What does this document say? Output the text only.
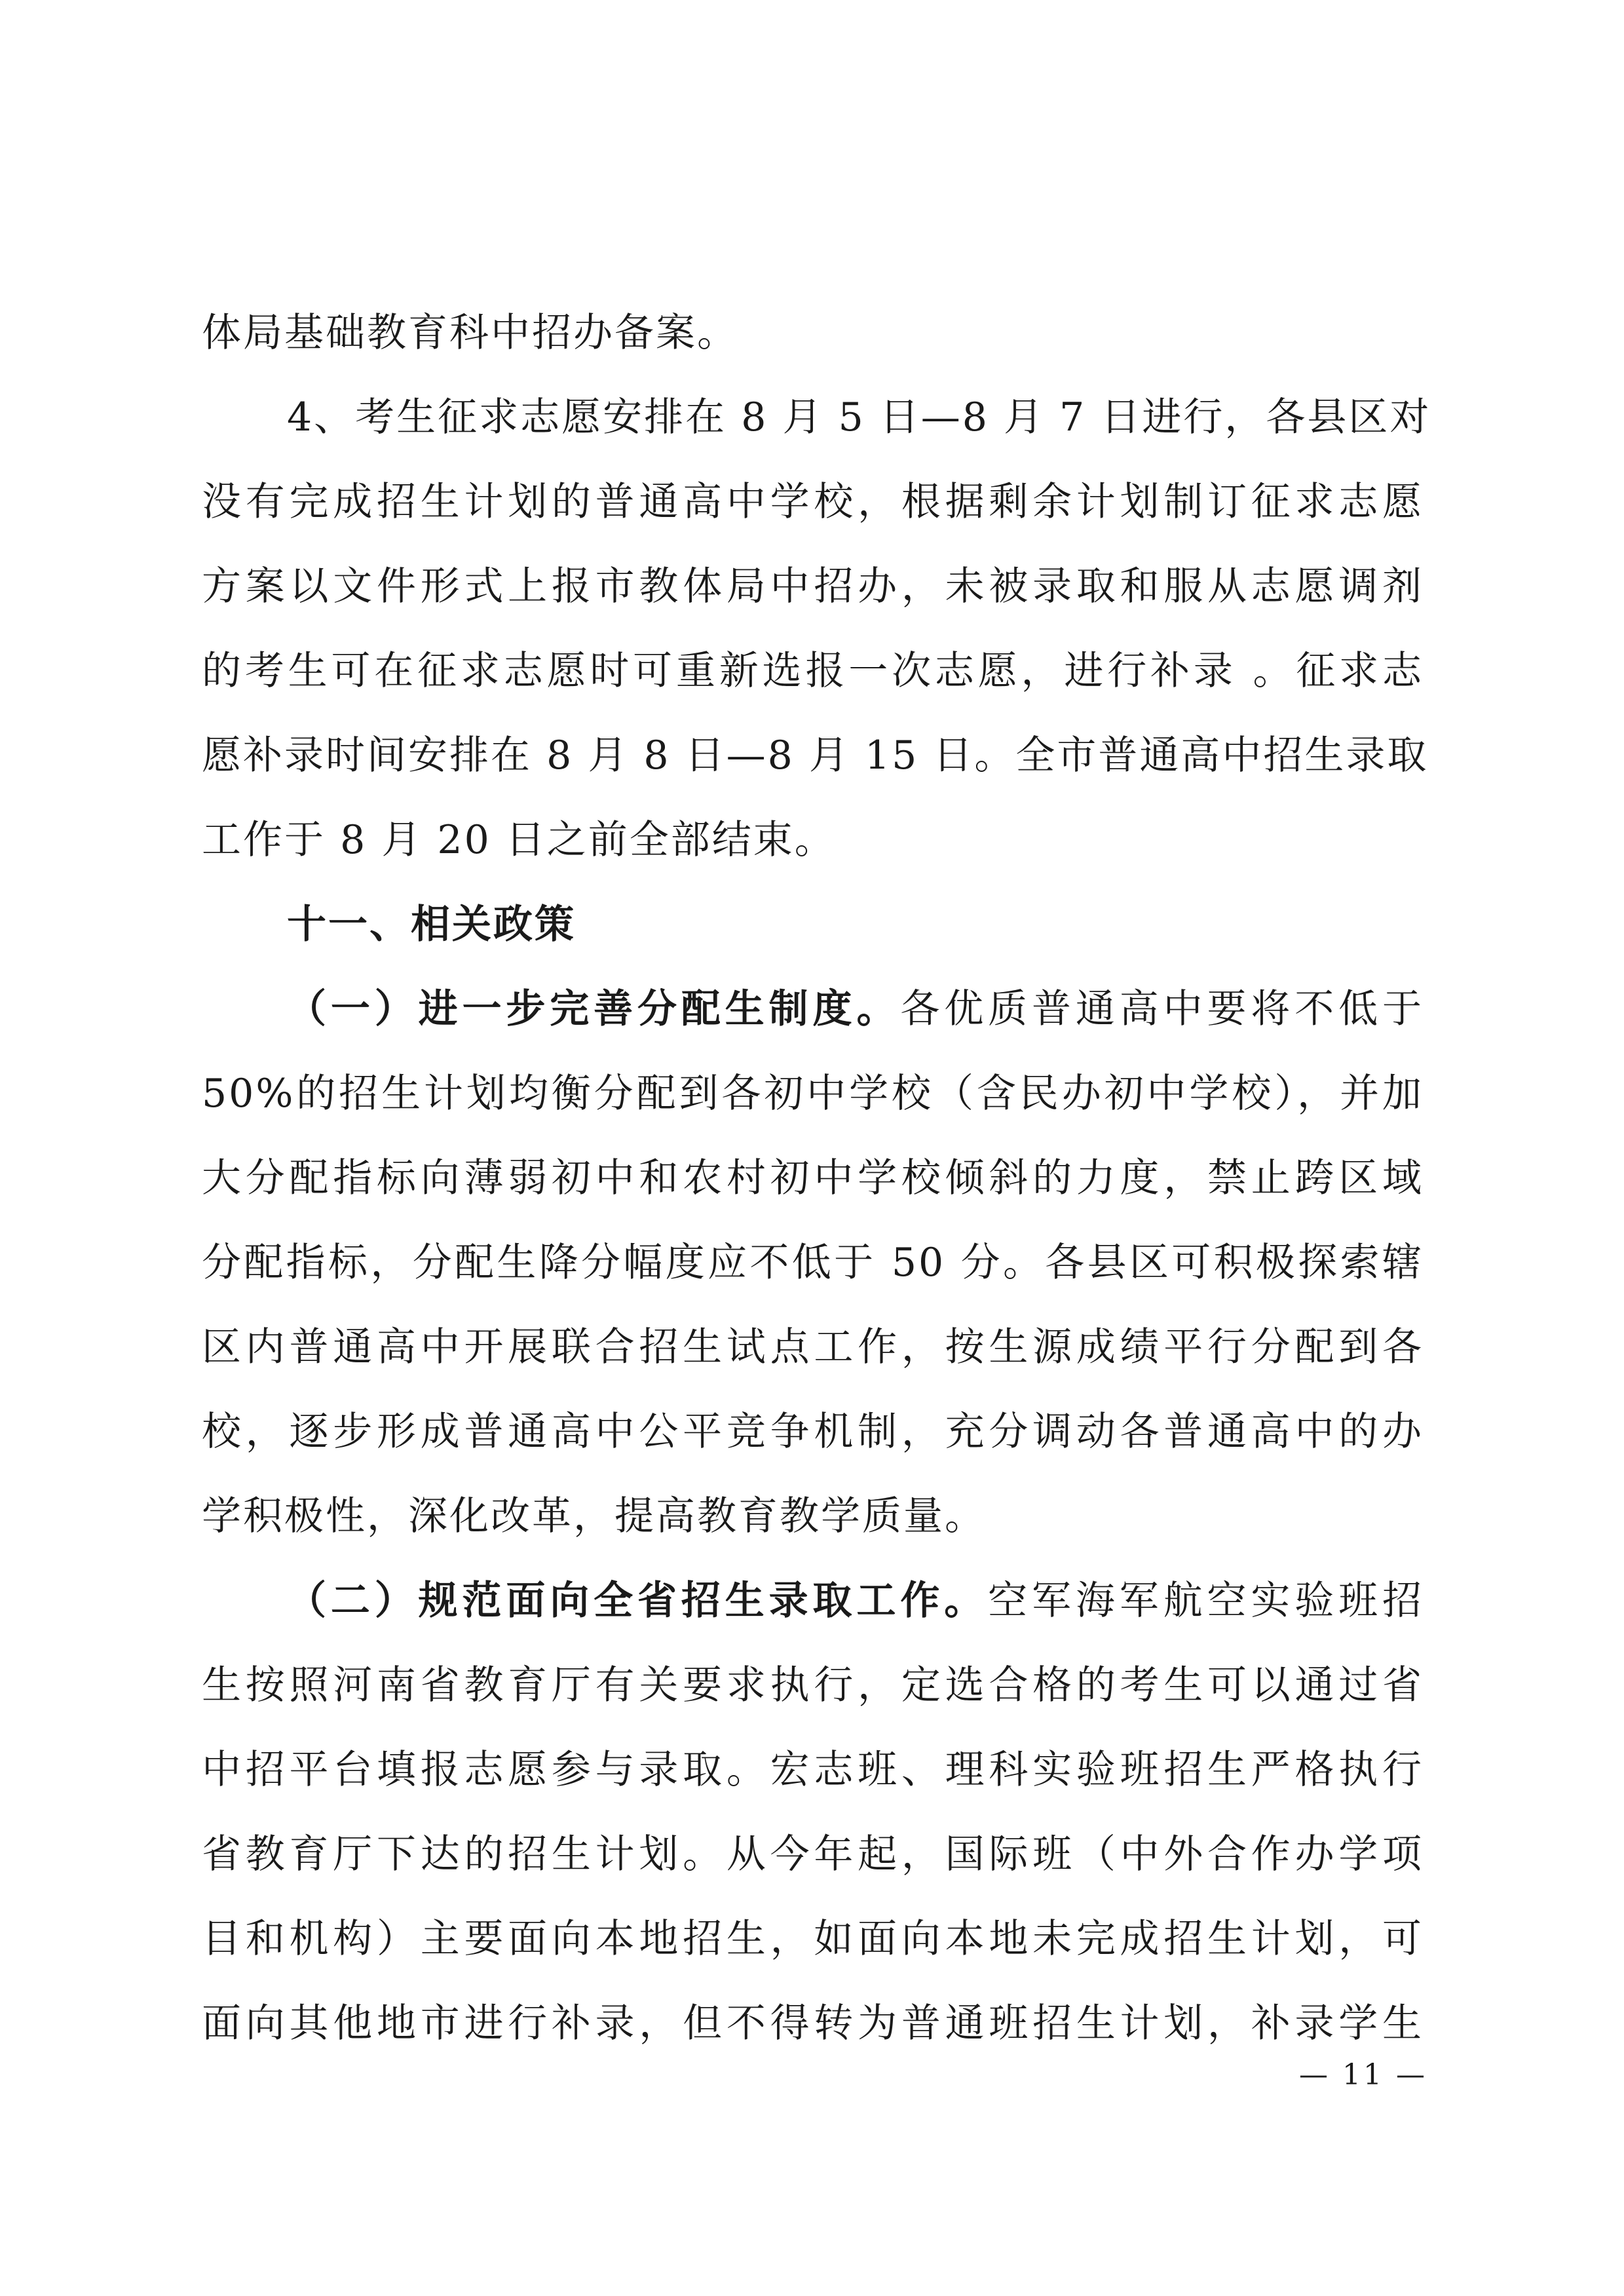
体局基础教育科中招办备案。
4、考生征求志愿安排在 8 月 5 日—8 月 7 日进行，各县区对
没有完成招生计划的普通高中学校，根据剩余计划制订征求志愿
方案以文件形式上报市教体局中招办，未被录取和服从志愿调剂
的考生可在征求志愿时可重新选报一次志愿，进行补录 。征求志
愿补录时间安排在 8 月 8 日—8 月 15 日。全市普通高中招生录取
工作于 8 月 20 日之前全部结束。
十一、相关政策
（一）进一步完善分配生制度。各优质普通高中要将不低于
50%的招生计划均衡分配到各初中学校（含民办初中学校），并加
大分配指标向薄弱初中和农村初中学校倾斜的力度，禁止跨区域
分配指标，分配生降分幅度应不低于 50 分。各县区可积极探索辖
区内普通高中开展联合招生试点工作，按生源成绩平行分配到各
校，逐步形成普通高中公平竞争机制，充分调动各普通高中的办
学积极性，深化改革，提高教育教学质量。
（二）规范面向全省招生录取工作。空军海军航空实验班招
生按照河南省教育厅有关要求执行，定选合格的考生可以通过省
中招平台填报志愿参与录取。宏志班、理科实验班招生严格执行
省教育厅下达的招生计划。从今年起，国际班（中外合作办学项
目和机构）主要面向本地招生，如面向本地未完成招生计划，可
面向其他地市进行补录，但不得转为普通班招生计划，补录学生
— 11 —
